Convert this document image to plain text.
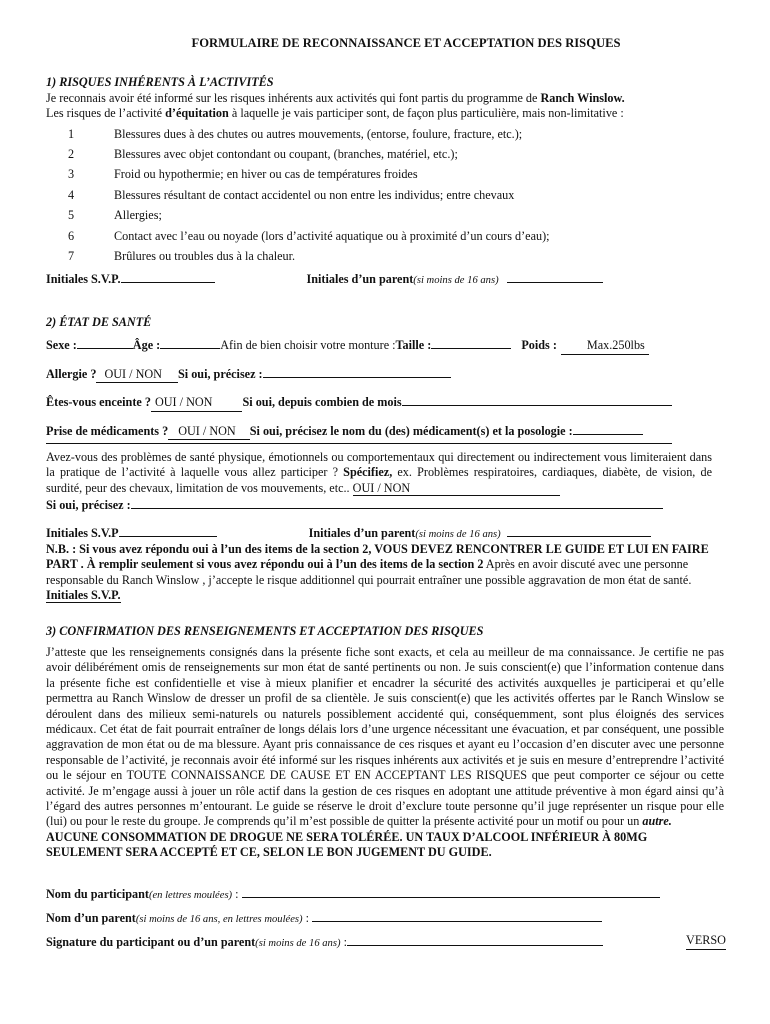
FORMULAIRE DE RECONNAISSANCE ET ACCEPTATION DES RISQUES
1) RISQUES INHÉRENTS À L’ACTIVITÉS
Je reconnais avoir été informé sur les risques inhérents aux activités qui font partis du programme de Ranch Winslow.
Les risques de l’activité d’équitation à laquelle je vais participer sont, de façon plus particulière, mais non-limitative :
1	Blessures dues à des chutes ou autres mouvements, (entorse, foulure, fracture, etc.);
2	Blessures avec objet contondant ou coupant, (branches, matériel, etc.);
3	Froid ou hypothermie; en hiver ou cas de températures froides
4	Blessures résultant de contact accidentel ou non entre les individus; entre chevaux
5	Allergies;
6	Contact avec l’eau ou noyade (lors d’activité aquatique ou à proximité d’un cours d’eau);
7	Brûlures ou troubles dus à la chaleur.
Initiales S.V.P.	Initiales d’un parent (si moins de 16 ans)
2) ÉTAT DE SANTÉ
Sexe :	Âge :	Afin de bien choisir votre monture : Taille :	Poids :	Max.250lbs
Allergie ? OUI / NON	Si oui, précisez :
Êtes-vous enceinte ? OUI / NON	Si oui, depuis combien de mois
Prise de médicaments ? OUI / NON	Si oui, précisez le nom du (des) médicament(s) et la posologie :
Avez-vous des problèmes de santé physique, émotionnels ou comportementaux qui directement ou indirectement vous limiteraient dans la pratique de l’activité à laquelle vous allez participer ? Spécifiez, ex. Problèmes respiratoires, cardiaques, diabète, de vision, de surdité, peur des chevaux, limitation de vos mouvements, etc.. OUI / NON
Si oui, précisez :
Initiales S.V.P	Initiales d’un parent (si moins de 16 ans)
N.B. : Si vous avez répondu oui à l’un des items de la section 2, VOUS DEVEZ RENCONTRER LE GUIDE ET LUI EN FAIRE PART . À remplir seulement si vous avez répondu oui à l’un des items de la section 2 Après en avoir discuté avec une personne responsable du Ranch Winslow , j’accepte le risque additionnel qui pourrait entraîner une possible aggravation de mon état de santé. Initiales S.V.P.
3) CONFIRMATION DES RENSEIGNEMENTS ET ACCEPTATION DES RISQUES
J’atteste que les renseignements consignés dans la présente fiche sont exacts, et cela au meilleur de ma connaissance. Je certifie ne pas avoir délibérément omis de renseignements sur mon état de santé pertinents ou non. Je suis conscient(e) que l’information contenue dans la présente fiche est confidentielle et vise à mieux planifier et encadrer la sécurité des activités auxquelles je participerai et qu’elle permettra au Ranch Winslow de dresser un profil de sa clientèle. Je suis conscient(e) que les activités offertes par le Ranch Winslow se déroulent dans des milieux semi-naturels ou naturels possiblement accidenté qui, conséquemment, sont plus éloignés des services médicaux. Cet état de fait pourrait entraîner de longs délais lors d’une urgence nécessitant une évacuation, et par conséquent, une possible aggravation de mon état ou de ma blessure. Ayant pris connaissance de ces risques et ayant eu l’occasion d’en discuter avec une personne responsable de l’activité, je reconnais avoir été informé sur les risques inhérents aux activités et je suis en mesure d’entreprendre l’activité ou le séjour en TOUTE CONNAISSANCE DE CAUSE ET EN ACCEPTANT LES RISQUES que peut comporter ce séjour ou cette activité. Je m’engage aussi à jouer un rôle actif dans la gestion de ces risques en adoptant une attitude préventive à mon égard ainsi qu’à l’égard des autres personnes m’entourant. Le guide se réserve le droit d’exclure toute personne qu’il juge représenter un risque pour elle (lui) ou pour le reste du groupe. Je comprends qu’il m’est possible de quitter la présente activité pour un motif ou pour un autre.
AUCUNE CONSOMMATION DE DROGUE NE SERA TOLÉRÉE. UN TAUX D’ALCOOL INFÉRIEUR À 80MG SEULEMENT SERA ACCEPTÉ ET CE, SELON LE BON JUGEMENT DU GUIDE.
Nom du participant (en lettres moulées) :
Nom d’un parent (si moins de 16 ans, en lettres moulées) :
Signature du participant ou d’un parent (si moins de 16 ans) :	VERSO
